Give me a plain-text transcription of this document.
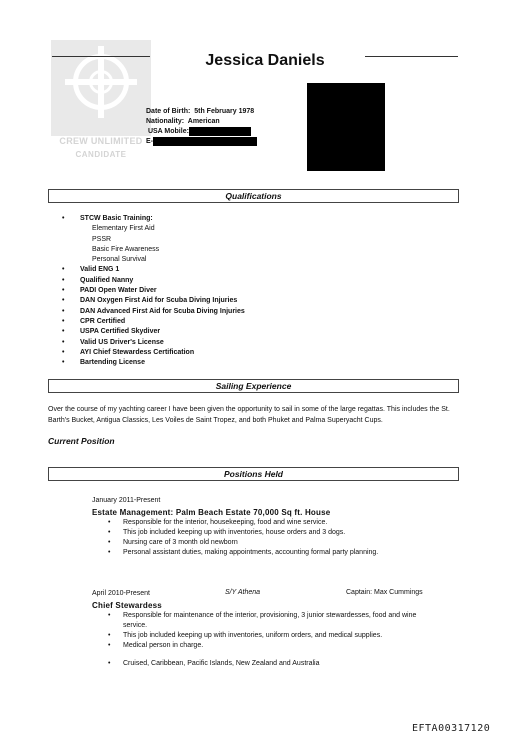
CREW UNLIMITED
CANDIDATE
Jessica Daniels
Date of Birth: 5th February 1978
Nationality: American
USA Mobile:
E-
Qualifications
• STCW Basic Training:
Elementary First Aid
PSSR
Basic Fire Awareness
Personal Survival
• Valid ENG 1
• Qualified Nanny
• PADI Open Water Diver
• DAN Oxygen First Aid for Scuba Diving Injuries
• DAN Advanced First Aid for Scuba Diving Injuries
• CPR Certified
• USPA Certified Skydiver
• Valid US Driver's License
• AYI Chief Stewardess Certification
• Bartending License
Sailing Experience
Over the course of my yachting career I have been given the opportunity to sail in some of the large regattas. This includes the St. Barth's Bucket, Antigua Classics, Les Voiles de Saint Tropez, and both Phuket and Palma Superyacht Cups.
Current Position
Positions Held
January 2011-Present
Estate Management: Palm Beach Estate 70,000 Sq ft. House
• Responsible for the interior, housekeeping, food and wine service.
• This job included keeping up with inventories, house orders and 3 dogs.
• Nursing care of 3 month old newborn
• Personal assistant duties, making appointments, accounting formal party planning.
April 2010-Present
Chief Stewardess
• Responsible for maintenance of the interior, provisioning, 3 junior stewardesses, food and wine service.
• This job included keeping up with inventories, uniform orders, and medical supplies.
• Medical person in charge.
• Cruised, Caribbean, Pacific Islands, New Zealand and Australia
S/Y Athena	Captain: Max Cummings
EFTA00317120
